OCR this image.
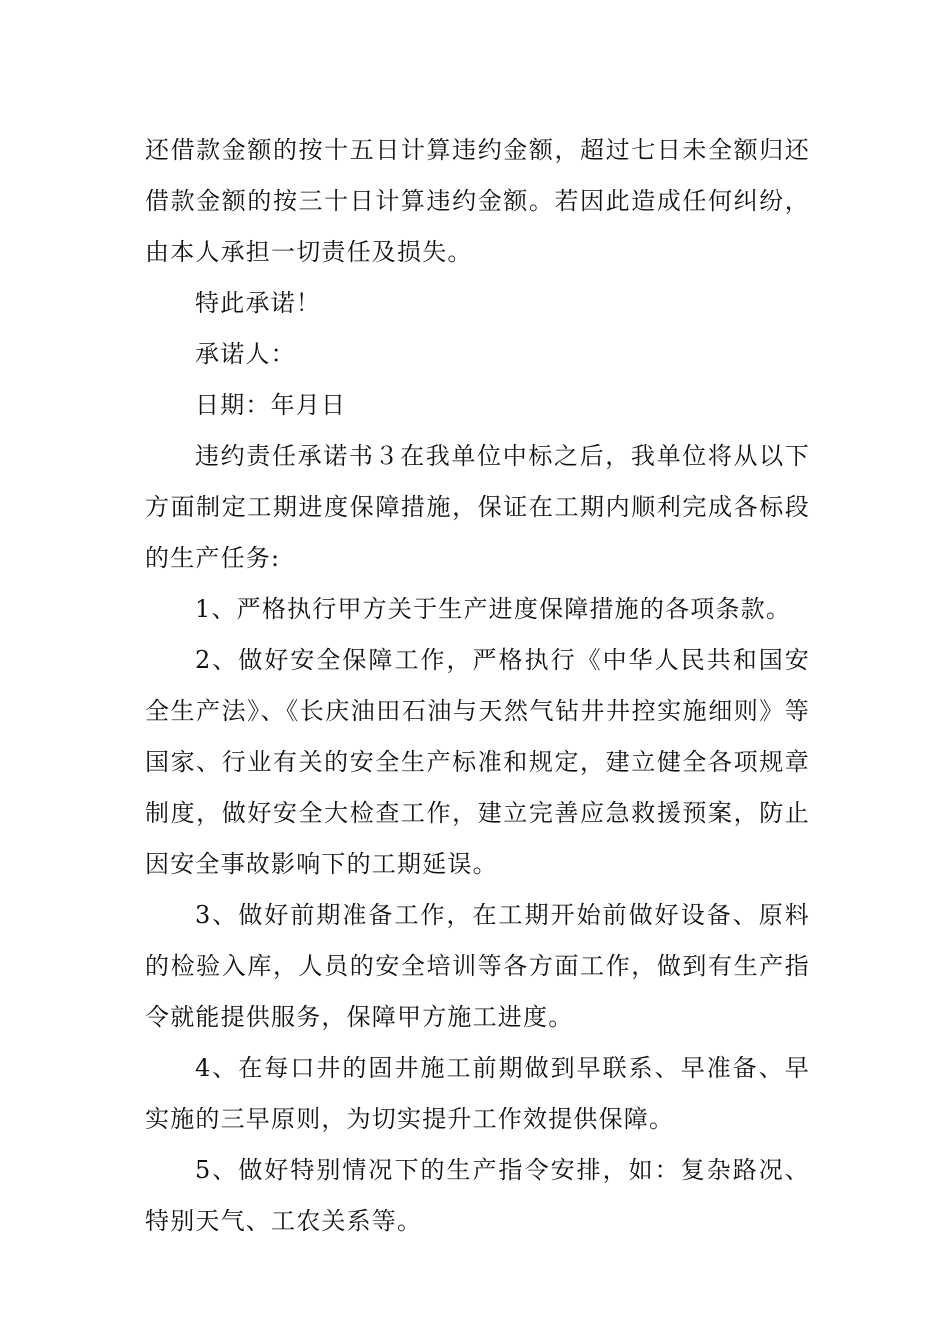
还借款金额的按十五日计算违约金额，超过七日未全额归还借款金额的按三十日计算违约金额。若因此造成任何纠纷，由本人承担一切责任及损失。

特此承诺！

承诺人：

日期：年月日

违约责任承诺书３在我单位中标之后，我单位将从以下方面制定工期进度保障措施，保证在工期内顺利完成各标段的生产任务:

1、严格执行甲方关于生产进度保障措施的各项条款。

2、做好安全保障工作，严格执行《中华人民共和国安全生产法》、《长庆油田石油与天然气钻井井控实施细则》等国家、行业有关的安全生产标准和规定，建立健全各项规章制度，做好安全大检查工作，建立完善应急救援预案，防止因安全事故影响下的工期延误。

3、做好前期准备工作，在工期开始前做好设备、原料的检验入库，人员的安全培训等各方面工作，做到有生产指令就能提供服务，保障甲方施工进度。

4、在每口井的固井施工前期做到早联系、早准备、早实施的三早原则，为切实提升工作效提供保障。

5、做好特别情况下的生产指令安排，如：复杂路况、特别天气、工农关系等。
